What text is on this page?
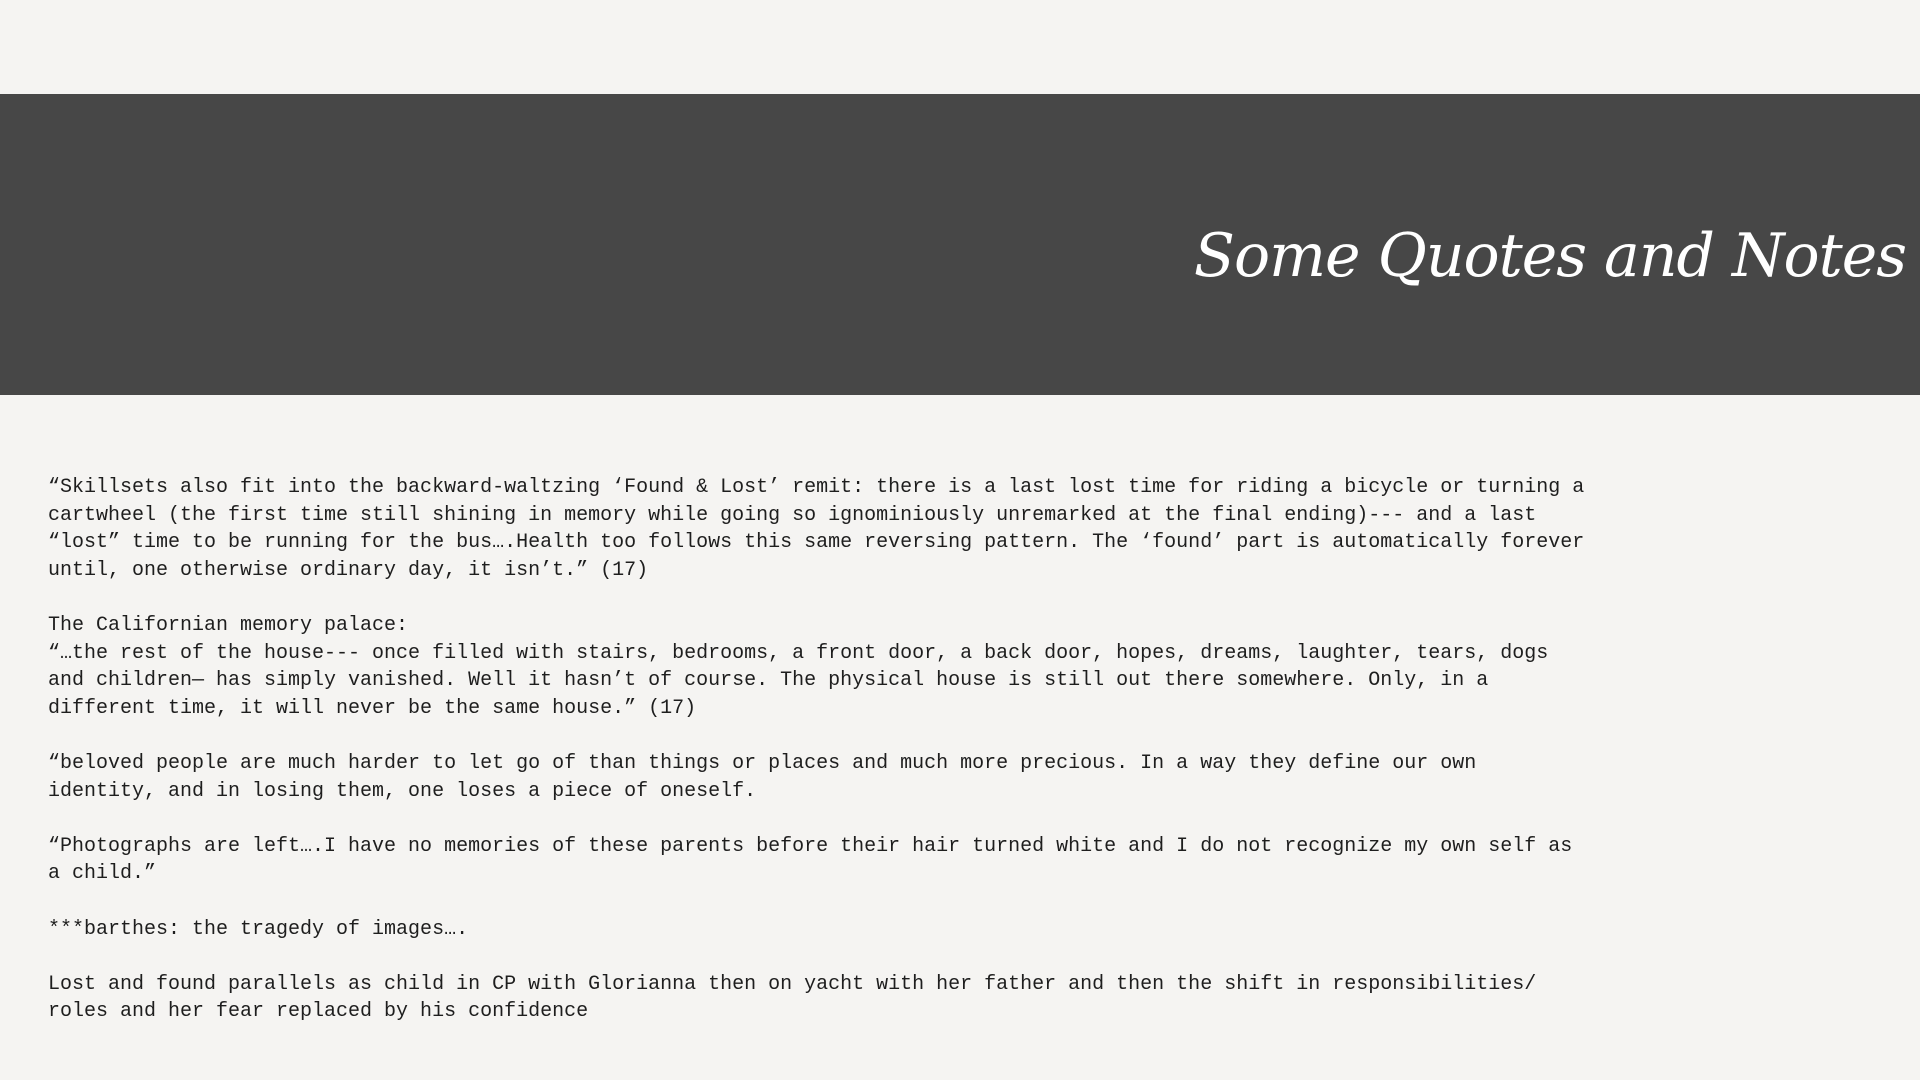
Some Quotes and Notes

“Skillsets also fit into the backward-waltzing ‘Found & Lost’ remit: there is a last lost time for riding a bicycle or turning a
cartwheel (the first time still shining in memory while going so ignominiously unremarked at the final ending)--- and a last
“lost” time to be running for the bus….Health too follows this same reversing pattern. The ‘found’ part is automatically forever
until, one otherwise ordinary day, it isn’t.” (17)

The Californian memory palace:
“…the rest of the house--- once filled with stairs, bedrooms, a front door, a back door, hopes, dreams, laughter, tears, dogs
and children— has simply vanished. Well it hasn’t of course. The physical house is still out there somewhere. Only, in a
different time, it will never be the same house.” (17)

“beloved people are much harder to let go of than things or places and much more precious. In a way they define our own
identity, and in losing them, one loses a piece of oneself.

“Photographs are left….I have no memories of these parents before their hair turned white and I do not recognize my own self as
a child.”

***barthes: the tragedy of images….

Lost and found parallels as child in CP with Glorianna then on yacht with her father and then the shift in responsibilities/
roles and her fear replaced by his confidence
